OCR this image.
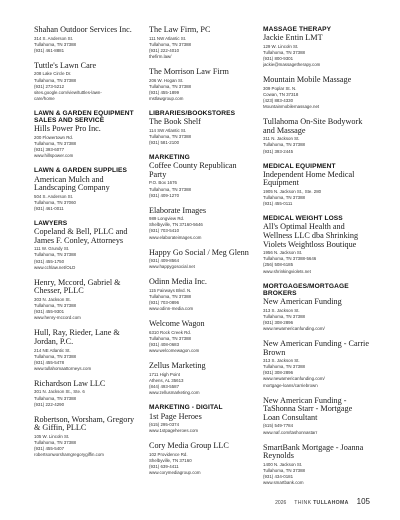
Shahan Outdoor Services Inc.
314 S. Anderson St.
Tullahoma, TN 37388
(931) 461-8881
Tuttle's Lawn Care
208 Lake Circle Dr.
Tullahoma, TN 37388
(931) 273-5212
sites.google.com/view/tuttles-lawn-
care/home
LAWN & GARDEN EQUIPMENT SALES AND SERVICE
Hills Power Pro Inc.
200 Flowertown Rd.
Tullahoma, TN 37388
(931) 393-6077
www.hillspower.com
LAWN & GARDEN SUPPLIES
American Mulch and Landscaping Company
504 S. Anderson St.
Tullahoma, TN 37060
(931) 461-0011
LAWYERS
Copeland & Bell, PLLC and James F. Conley, Attorneys
111 W. Grundy St.
Tullahoma, TN 37388
(931) 455-1750
www.cchlaw.net/OLD
Henry, Mccord, Gabriel & Chesser, PLLC
303 N. Jackson St.
Tullahoma, TN 37388
(931) 455-9301
www.henry-mccord.com
Hull, Ray, Rieder, Lane & Jordan, P.C.
214 NE Atlantic St.
Tullahoma, TN 37388
(931) 455-5478
www.tullahomaattorneys.com
Richardson Law LLC
301 N. Jackson St., Ste. 6
Tullahoma, TN 37388
(931) 222-4290
Robertson, Worsham, Gregory & Giffin, PLLC
105 W. Lincoln St.
Tullahoma, TN 37388
(931) 455-5407
robertsonworshamgregorygiffin.com
The Law Firm, PC
111 NW Atlantic St.
Tullahoma, TN 37388
(931) 222-4010
thefirm.law/
The Morrison Law Firm
206 W. Hogan St.
Tullahoma, TN 37388
(931) 455-1899
mstlawgroup.com
LIBRARIES/BOOKSTORES
The Book Shelf
114 SW Atlantic St.
Tullahoma, TN 37388
(931) 581-2100
MARKETING
Coffee County Republican Party
P.O. Box 1676
Tullahoma, TN 37388
(931) 409-1270
Elaborate Images
989 Longview Rd.
Shelbyville, TN 37160-5646
(931) 703-5410
www.elaborateimages.com
Happy Go Social / Meg Glenn
(931) 409-8564
www.happygosocial.net
Odinn Media Inc.
115 Fairways Blvd. N.
Tullahoma, TN 37388
(931) 703-0896
www.odinn-media.com
Welcome Wagon
6310 Rock Creek Rd.
Tullahoma, TN 37388
(931) 408-0683
www.welcomewagon.com
Zellus Marketing
1711 High Point
Athens, AL 35613
(844) 493-5587
www.zellusmarketing.com
MARKETING - DIGITAL
1st Page Heroes
(615) 295-0374
www.1stpageheroes.com
Cory Media Group LLC
102 Providence Rd.
Shelbyville, TN 37160
(931) 639-4411
www.corymediagroup.com
MASSAGE THERAPY
Jackie Entin LMT
129 W. Lincoln St.
Tullahoma, TN 37388
(931) 800-9301
jackie@massagetherapy.com
Mountain Mobile Massage
309 Poplar St. N.
Cowan, TN 37318
(423) 883-4330
Mountainmobilemassage.net
Tullahoma On-Site Bodywork and Massage
311 N. Jackson St.
Tullahoma, TN 37388
(931) 393-2445
MEDICAL EQUIPMENT
Independent Home Medical Equipment
1905 N. Jackson St., Ste. 280
Tullahoma, TN 37388
(931) 455-0111
MEDICAL WEIGHT LOSS
All's Optimal Health and Wellness LLC dba Shrinking Violets Weightloss Boutique
1956 N. Jackson St.
Tullahoma, TN 37388-5646
(256) 508-6185
www.shrinkingviolets.net
MORTGAGES/MORTGAGE BROKERS
New American Funding
313 S. Jackson St.
Tullahoma, TN 37388
(931) 308-2896
www.newamericanfunding.com/
New American Funding - Carrie Brown
313 S. Jackson St.
Tullahoma, TN 37388
(931) 308-2896
www.newamericanfunding.com/
mortgage-loans/carriebrown
New American Funding - TaShonna Starr - Mortgage Loan Consultant
(615) 549-7784
www.naf.com/tashonnastarr
SmartBank Mortgage - Joanna Reynolds
1400 N. Jackson St.
Tullahoma, TN 37388
(931) 434-0181
www.smartbank.com
2026 THINK TULLAHOMA 105
